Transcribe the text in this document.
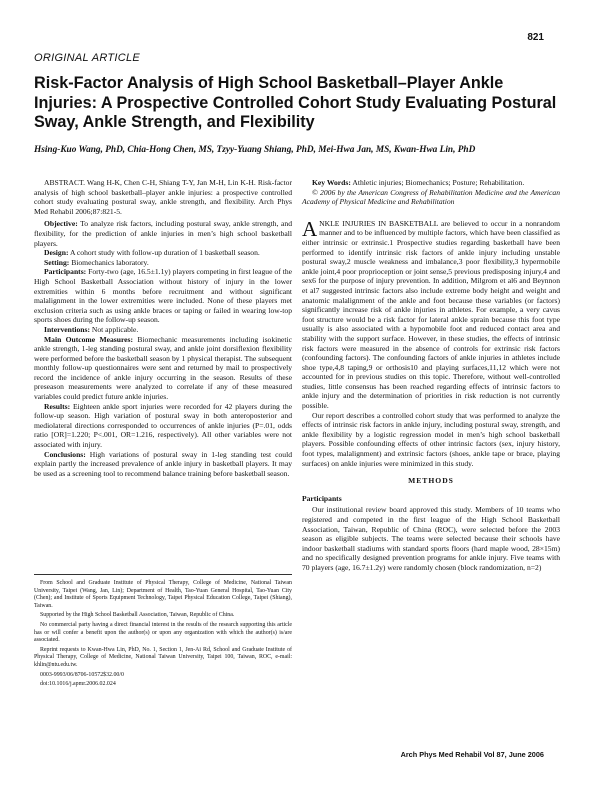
821
ORIGINAL ARTICLE
Risk-Factor Analysis of High School Basketball–Player Ankle Injuries: A Prospective Controlled Cohort Study Evaluating Postural Sway, Ankle Strength, and Flexibility
Hsing-Kuo Wang, PhD, Chia-Hong Chen, MS, Tzyy-Yuang Shiang, PhD, Mei-Hwa Jan, MS, Kwan-Hwa Lin, PhD

ABSTRACT. Wang H-K, Chen C-H, Shiang T-Y, Jan M-H, Lin K-H. Risk-factor analysis of high school basketball–player ankle injuries: a prospective controlled cohort study evaluating postural sway, ankle strength, and flexibility. Arch Phys Med Rehabil 2006;87:821-5.

Objective: To analyze risk factors, including postural sway, ankle strength, and flexibility, for the prediction of ankle injuries in men’s high school basketball players.

Design: A cohort study with follow-up duration of 1 basketball season.

Setting: Biomechanics laboratory.

Participants: Forty-two (age, 16.5±1.1y) players competing in first league of the High School Basketball Association without history of injury in the lower extremities within 6 months before recruitment and without significant malalignment in the lower extremities were included. None of these players met exclusion criteria such as using ankle braces or taping or failed in wearing low-top sports shoes during the follow-up season.

Interventions: Not applicable.

Main Outcome Measures: Biomechanic measurements including isokinetic ankle strength, 1-leg standing postural sway, and ankle joint dorsiflexion flexibility were performed before the basketball season by 1 physical therapist. The subsequent monthly follow-up questionnaires were sent and returned by mail to prospectively record the incidence of ankle injury occurring in the season. Results of these preseason measurements were analyzed to correlate if any of these measured variables could predict future ankle injuries.

Results: Eighteen ankle sport injuries were recorded for 42 players during the follow-up season. High variation of postural sway in both anteroposterior and mediolateral directions corresponded to occurrences of ankle injuries (P=.01, odds ratio [OR]=1.220; P<.001, OR=1.216, respectively). All other variables were not associated with injury.

Conclusions: High variations of postural sway in 1-leg standing test could explain partly the increased prevalence of ankle injury in basketball players. It may be used as a screening tool to recommend balance training before basketball season.

From School and Graduate Institute of Physical Therapy, College of Medicine, National Taiwan University, Taipei (Wang, Jan, Lin); Department of Health, Tao-Yuan General Hospital, Tao-Yuan City (Chen); and Institute of Sports Equipment Technology, Taipei Physical Education College, Taipei (Shiang), Taiwan.

Supported by the High School Basketball Association, Taiwan, Republic of China.

No commercial party having a direct financial interest in the results of the research supporting this article has or will confer a benefit upon the author(s) or upon any organization with which the author(s) is/are associated.

Reprint requests to Kwan-Hwa Lin, PhD, No. 1, Section 1, Jen-Ai Rd, School and Graduate Institute of Physical Therapy, College of Medicine, National Taiwan University, Taipei 100, Taiwan, ROC, e-mail: khlin@ntu.edu.tw.

0003-9993/06/8706-10572$32.00/0

doi:10.1016/j.apmr.2006.02.024

Key Words: Athletic injuries; Biomechanics; Posture; Rehabilitation.

© 2006 by the American Congress of Rehabilitation Medicine and the American Academy of Physical Medicine and Rehabilitation

ANKLE INJURIES IN BASKETBALL are believed to occur in a nonrandom manner and to be influenced by multiple factors, which have been classified as either intrinsic or extrinsic.1 Prospective studies regarding basketball have been performed to identify intrinsic risk factors of ankle injury including unstable postural sway,2 muscle weakness and imbalance,3 poor flexibility,3 hypermobile ankle joint,4 poor proprioception or joint sense,5 previous predisposing injury,4 and sex6 for the purpose of injury prevention. In addition, Milgrom et al6 and Beynnon et al7 suggested intrinsic factors also include extreme body height and weight and anatomic malalignment of the ankle and foot because these variables (or factors) significantly increase risk of ankle injuries in athletes. For example, a very cavus foot structure would be a risk factor for lateral ankle sprain because this foot type usually is also associated with a hypomobile foot and reduced contact area and stability with the support surface. However, in these studies, the effects of intrinsic risk factors were measured in the absence of controls for extrinsic risk factors (confounding factors). The confounding factors of ankle injuries in athletes include shoe type,4,8 taping,9 or orthosis10 and playing surfaces,11,12 which were not accounted for in previous studies on this topic. Therefore, without well-controlled studies, little consensus has been reached regarding effects of intrinsic factors to ankle injury and the determination of priorities in risk reduction is not currently possible.

Our report describes a controlled cohort study that was performed to analyze the effects of intrinsic risk factors in ankle injury, including postural sway, strength, and ankle flexibility by a logistic regression model in men’s high school basketball players. Possible confounding effects of other intrinsic factors (sex, injury history, foot types, malalignment) and extrinsic factors (shoes, ankle tape or brace, playing surfaces) on ankle injuries were minimized in this study.

METHODS
Participants

Our institutional review board approved this study. Members of 10 teams who registered and competed in the first league of the High School Basketball Association, Taiwan, Republic of China (ROC), were selected before the 2003 season as eligible subjects. The teams were selected because their schools have indoor basketball stadiums with standard sports floors (hard maple wood, 28×15m) and no specifically designed prevention programs for ankle injury. Five teams with 70 players (age, 16.7±1.2y) were randomly chosen (block randomization, n=2)

Arch Phys Med Rehabil Vol 87, June 2006
